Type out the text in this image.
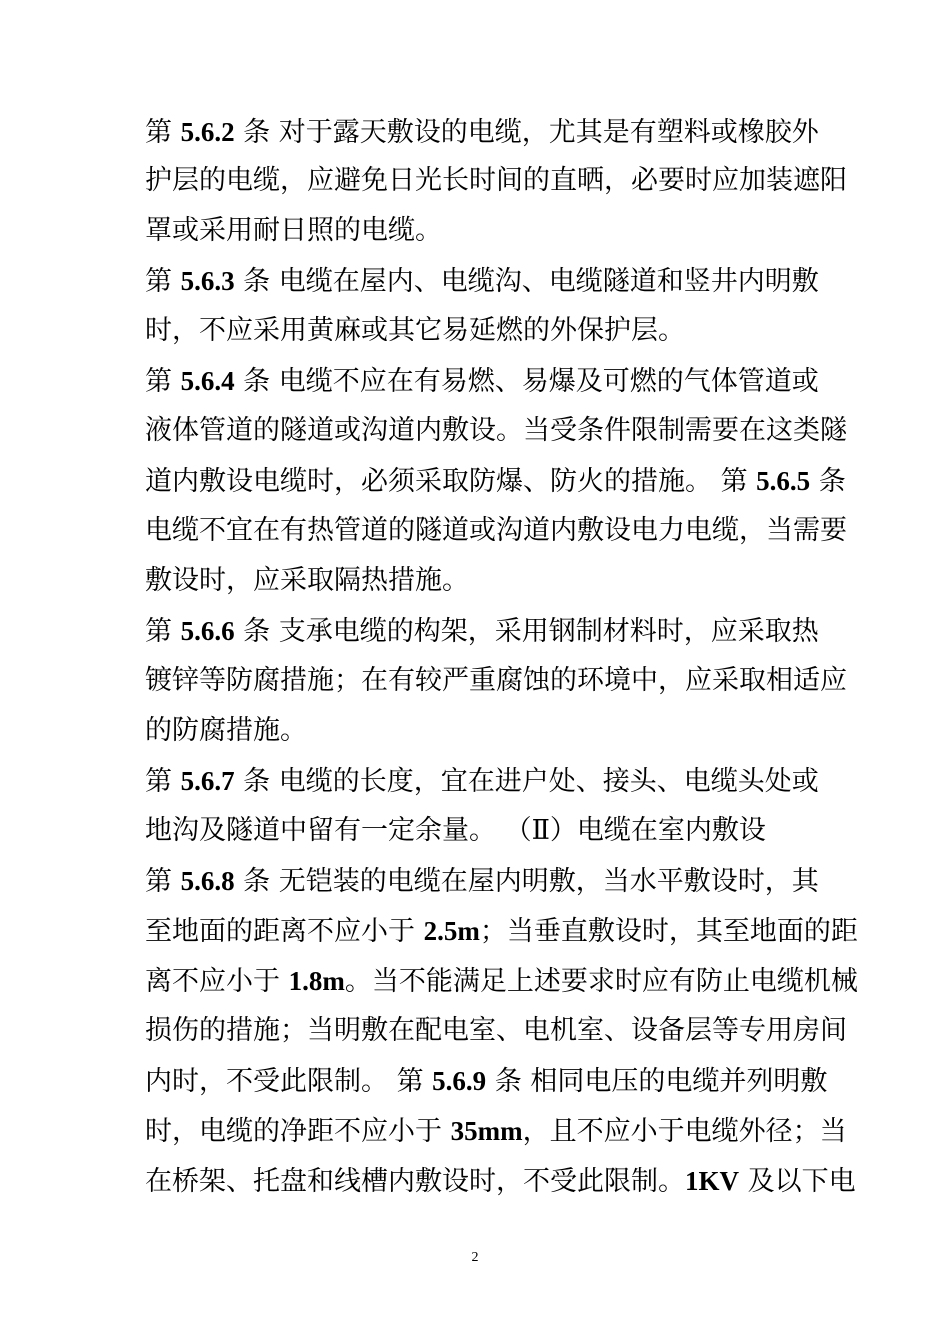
第 5.6.2 条 对于露天敷设的电缆，尤其是有塑料或橡胶外
护层的电缆，应避免日光长时间的直晒，必要时应加装遮阳
罩或采用耐日照的电缆。
第 5.6.3 条 电缆在屋内、电缆沟、电缆隧道和竖井内明敷
时，不应采用黄麻或其它易延燃的外保护层。
第 5.6.4 条 电缆不应在有易燃、易爆及可燃的气体管道或
液体管道的隧道或沟道内敷设。当受条件限制需要在这类隧
道内敷设电缆时，必须采取防爆、防火的措施。 第 5.6.5 条
电缆不宜在有热管道的隧道或沟道内敷设电力电缆，当需要
敷设时，应采取隔热措施。
第 5.6.6 条 支承电缆的构架，采用钢制材料时，应采取热
镀锌等防腐措施；在有较严重腐蚀的环境中，应采取相适应
的防腐措施。
第 5.6.7 条 电缆的长度，宜在进户处、接头、电缆头处或
地沟及隧道中留有一定余量。 （Ⅱ）电缆在室内敷设
第 5.6.8 条 无铠装的电缆在屋内明敷，当水平敷设时，其
至地面的距离不应小于 2.5m；当垂直敷设时，其至地面的距
离不应小于 1.8m。当不能满足上述要求时应有防止电缆机械
损伤的措施；当明敷在配电室、电机室、设备层等专用房间
内时，不受此限制。 第 5.6.9 条 相同电压的电缆并列明敷
时，电缆的净距不应小于 35mm，且不应小于电缆外径；当
在桥架、托盘和线槽内敷设时，不受此限制。1KV 及以下电
2
